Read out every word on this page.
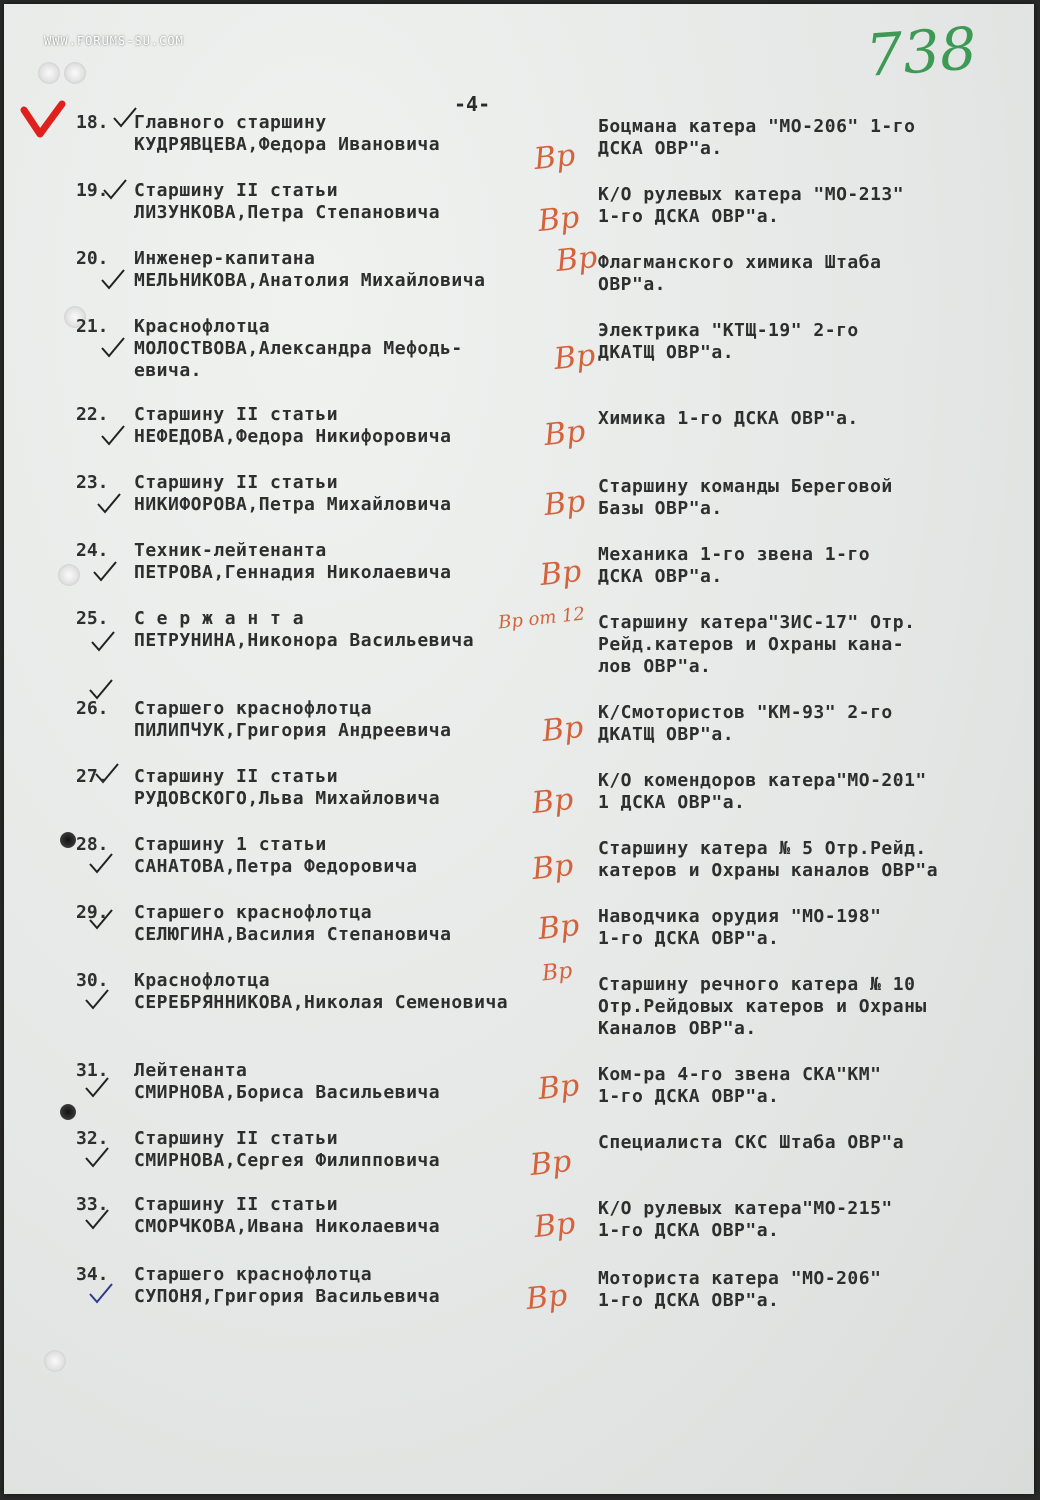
WWW.FORUMS-SU.COM	738
-4-
18. Главного старшину
КУДРЯВЦЕВА,Федора Ивановича
Боцмана катера "МО-206" 1-го
ДСКА ОВР"а.
Вр
19. Старшину II статьи
ЛИЗУНКОВА,Петра Степановича
К/О рулевых катера "МО-213"
1-го ДСКА ОВР"а.
Вр
20. Инженер-капитана
МЕЛЬНИКОВА,Анатолия Михайловича
Флагманского химика Штаба
ОВР"а.
Вр
21. Краснофлотца
МОЛОСТВОВА,Александра Мефодь-
евича.
Электрика "КТЩ-19" 2-го
ДКАТЩ ОВР"а.
Вр
22. Старшину II статьи
НЕФЕДОВА,Федора Никифоровича
Химика 1-го ДСКА ОВР"а.
Вр
23. Старшину II статьи
НИКИФОРОВА,Петра Михайловича
Старшину команды Береговой
Базы ОВР"а.
Вр
24. Техник-лейтенанта
ПЕТРОВА,Геннадия Николаевича
Механика 1-го звена 1-го
ДСКА ОВР"а.
Вр
25. С е р ж а н т а
ПЕТРУНИНА,Никонора Васильевича
Старшину катера"ЗИС-17" Отр.
Рейд.катеров и Охраны кана-
лов ОВР"а.
Вр от 12
26. Старшего краснофлотца
ПИЛИПЧУК,Григория Андреевича
К/Смотористов "КМ-93" 2-го
ДКАТЩ ОВР"а.
Вр
27. Старшину II статьи
РУДОВСКОГО,Льва Михайловича
К/О комендоров катера"МО-201"
1 ДСКА ОВР"а.
Вр
28. Старшину 1 статьи
САНАТОВА,Петра Федоровича
Старшину катера № 5 Отр.Рейд.
катеров и Охраны каналов ОВР"а
Вр
29. Старшего краснофлотца
СЕЛЮГИНА,Василия Степановича
Наводчика орудия "МО-198"
1-го ДСКА ОВР"а.
Вр
30. Краснофлотца
СЕРЕБРЯННИКОВА,Николая Семеновича
Старшину речного катера № 10
Отр.Рейдовых катеров и Охраны
Каналов ОВР"а.
Вр
31. Лейтенанта
СМИРНОВА,Бориса Васильевича
Ком-ра 4-го звена СКА"КМ"
1-го ДСКА ОВР"а.
Вр
32. Старшину II статьи
СМИРНОВА,Сергея Филипповича
Специалиста СКС Штаба ОВР"а
Вр
33. Старшину II статьи
СМОРЧКОВА,Ивана Николаевича
К/О рулевых катера"МО-215"
1-го ДСКА ОВР"а.
Вр
34. Старшего краснофлотца
СУПОНЯ,Григория Васильевича
Моториста катера "МО-206"
1-го ДСКА ОВР"а.
Вр
